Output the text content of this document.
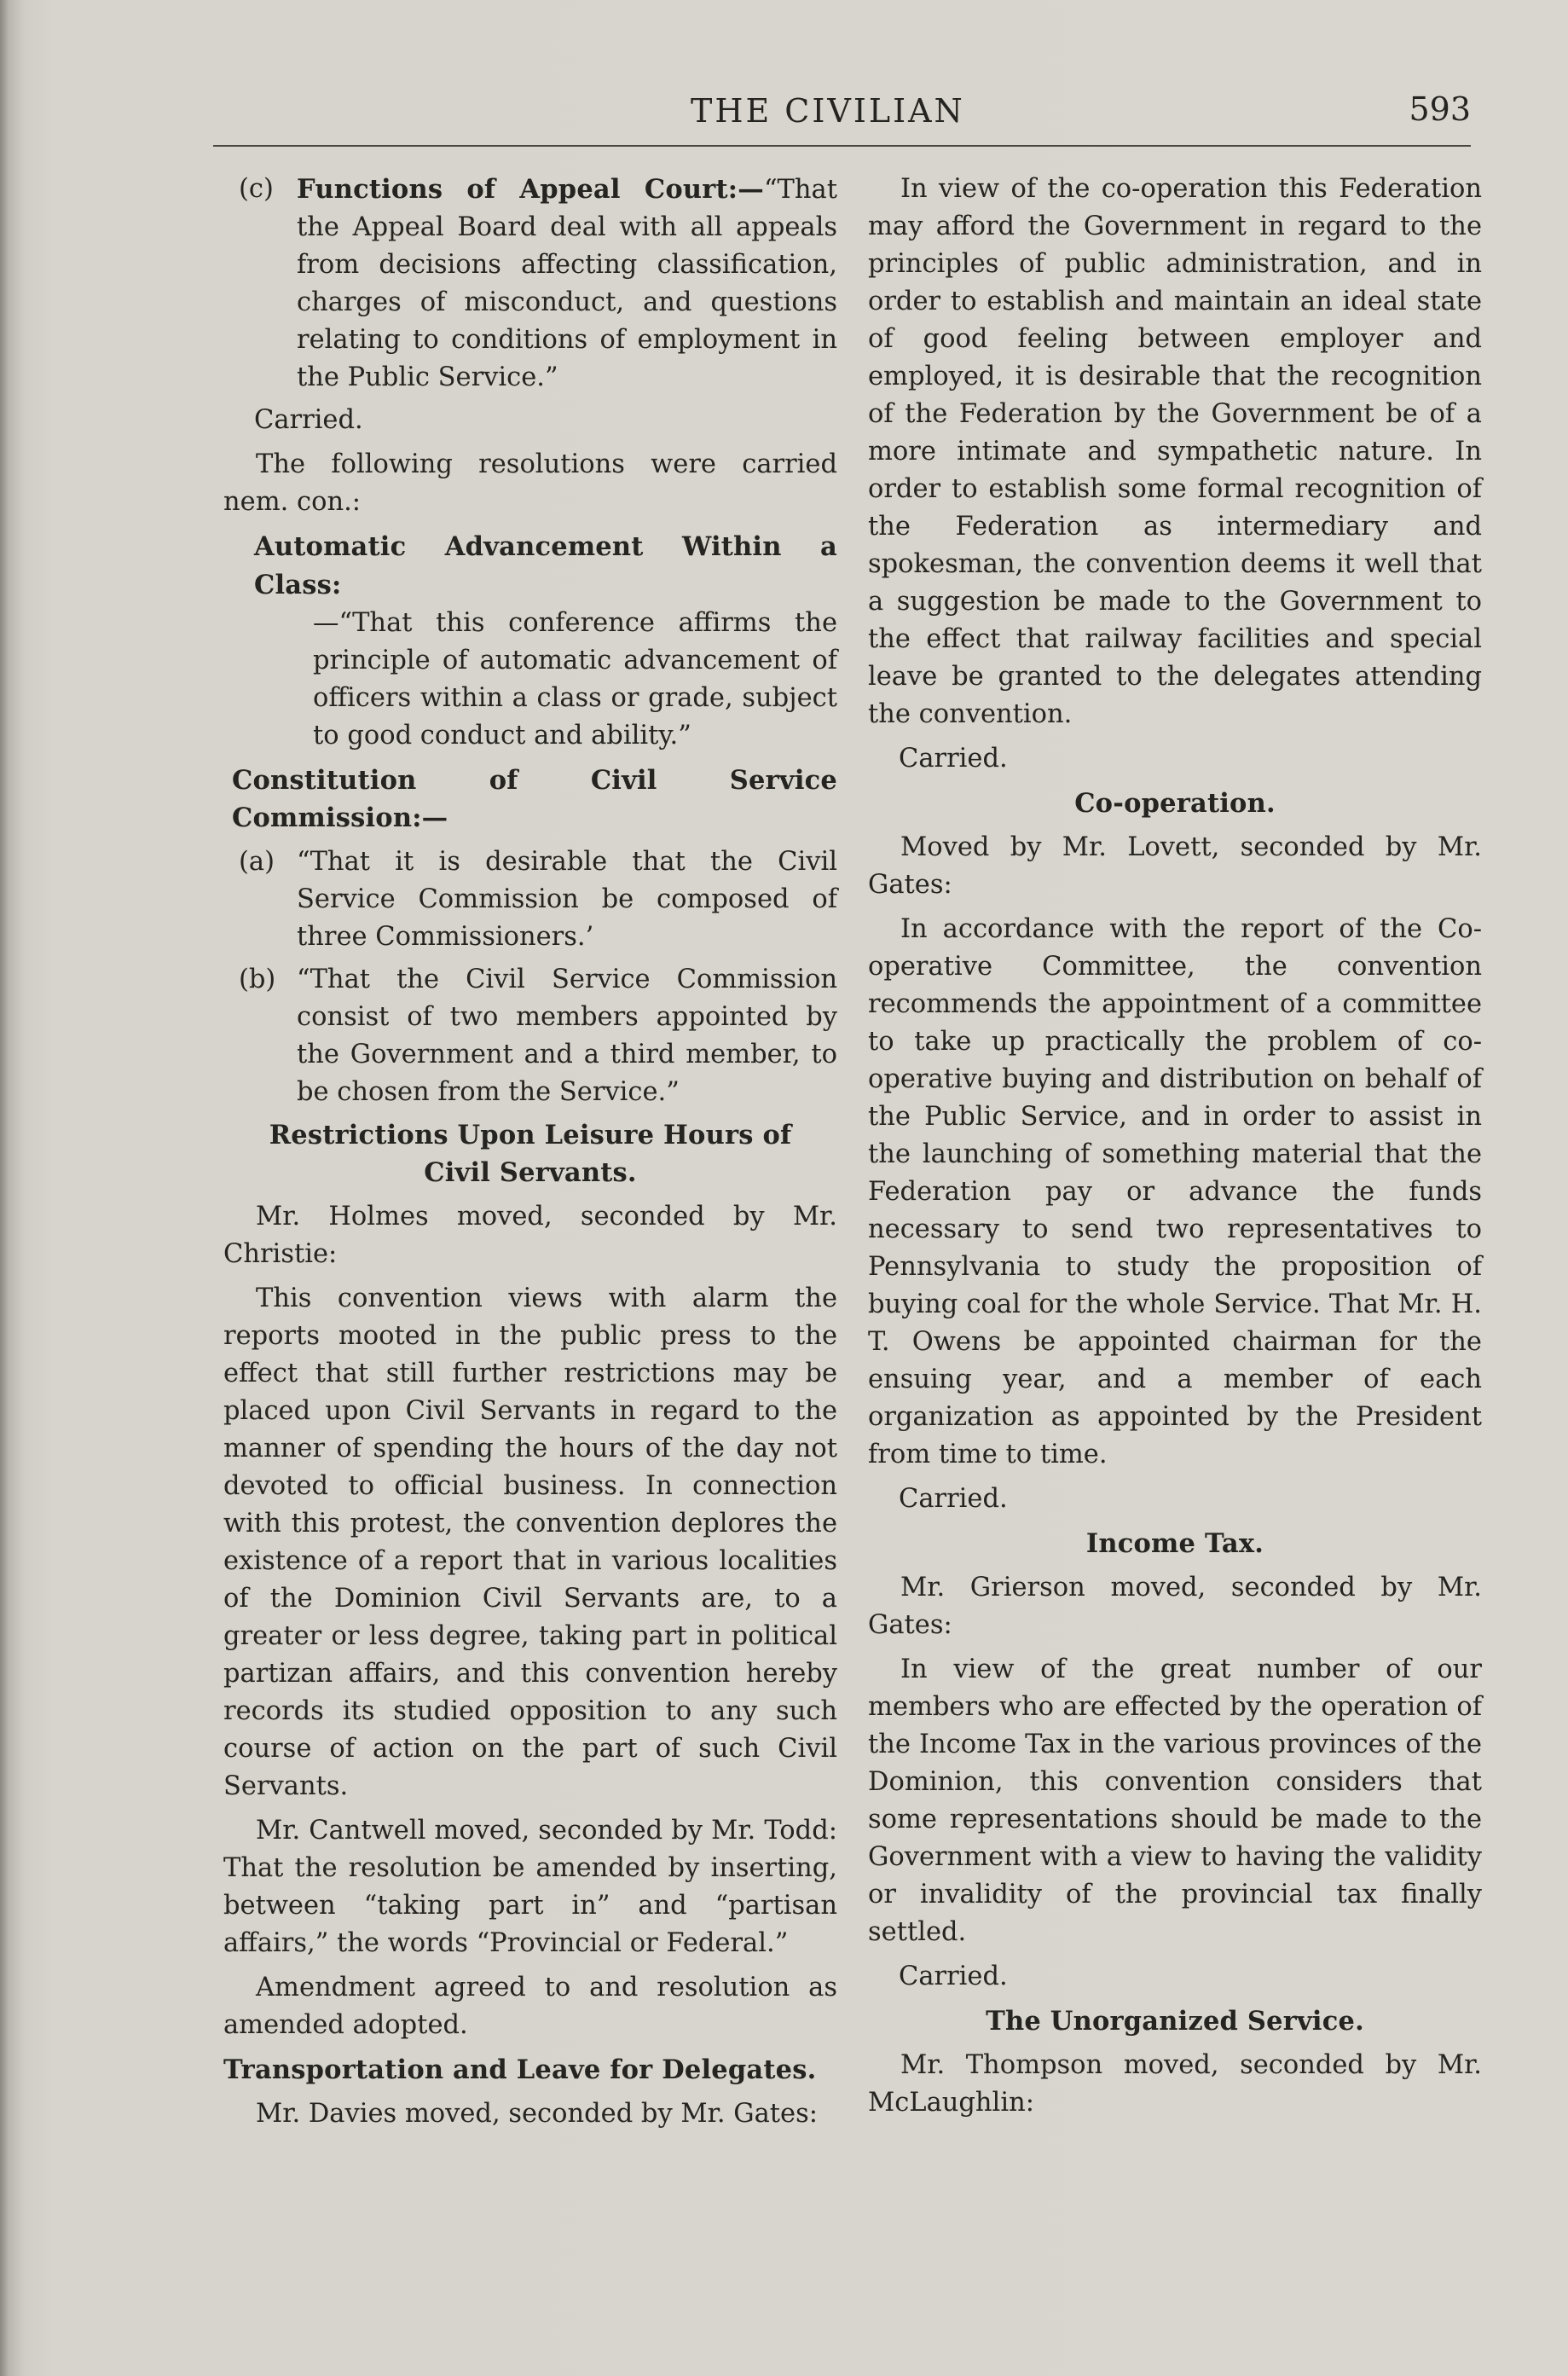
THE CIVILIAN	593
(c) Functions of Appeal Court:—“That the Appeal Board deal with all appeals from decisions affecting classification, charges of misconduct, and questions relating to conditions of employment in the Public Service.”

Carried.

The following resolutions were carried nem. con.:

Automatic Advancement Within a Class:

—“That this conference affirms the principle of automatic advancement of officers within a class or grade, subject to good conduct and ability.”

Constitution of Civil Service Commission:—

(a) “That it is desirable that the Civil Service Commission be composed of three Commissioners.’
(b) “That the Civil Service Commission consist of two members appointed by the Government and a third member, to be chosen from the Service.”

Restrictions Upon Leisure Hours of Civil Servants.

Mr. Holmes moved, seconded by Mr. Christie:

This convention views with alarm the reports mooted in the public press to the effect that still further restrictions may be placed upon Civil Servants in regard to the manner of spending the hours of the day not devoted to official business. In connection with this protest, the convention deplores the existence of a report that in various localities of the Dominion Civil Servants are, to a greater or less degree, taking part in political partizan affairs, and this convention hereby records its studied opposition to any such course of action on the part of such Civil Servants.

Mr. Cantwell moved, seconded by Mr. Todd: That the resolution be amended by inserting, between “taking part in” and “partisan affairs,” the words “Provincial or Federal.”

Amendment agreed to and resolution as amended adopted.

Transportation and Leave for Delegates.

Mr. Davies moved, seconded by Mr. Gates:

In view of the co-operation this Federation may afford the Government in regard to the principles of public administration, and in order to establish and maintain an ideal state of good feeling between employer and employed, it is desirable that the recognition of the Federation by the Government be of a more intimate and sympathetic nature. In order to establish some formal recognition of the Federation as intermediary and spokesman, the convention deems it well that a suggestion be made to the Government to the effect that railway facilities and special leave be granted to the delegates attending the convention.

Carried.

Co-operation.

Moved by Mr. Lovett, seconded by Mr. Gates:

In accordance with the report of the Co-operative Committee, the convention recommends the appointment of a committee to take up practically the problem of co-operative buying and distribution on behalf of the Public Service, and in order to assist in the launching of something material that the Federation pay or advance the funds necessary to send two representatives to Pennsylvania to study the proposition of buying coal for the whole Service. That Mr. H. T. Owens be appointed chairman for the ensuing year, and a member of each organization as appointed by the President from time to time.

Carried.

Income Tax.

Mr. Grierson moved, seconded by Mr. Gates:

In view of the great number of our members who are effected by the operation of the Income Tax in the various provinces of the Dominion, this convention considers that some representations should be made to the Government with a view to having the validity or invalidity of the provincial tax finally settled.

Carried.

The Unorganized Service.

Mr. Thompson moved, seconded by Mr. McLaughlin:
